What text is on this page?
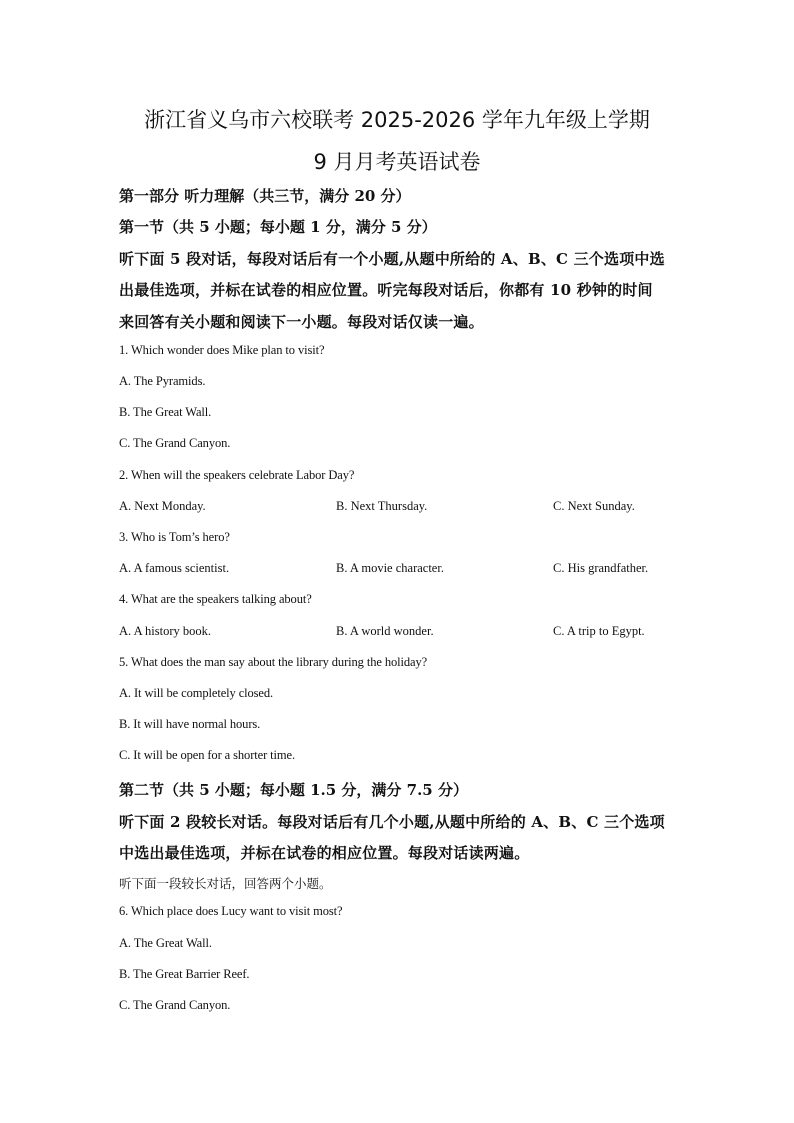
浙江省义乌市六校联考 2025-2026 学年九年级上学期
9 月月考英语试卷
第一部分 听力理解（共三节，满分 20 分）
第一节（共 5 小题；每小题 1 分，满分 5 分）
听下面 5 段对话，每段对话后有一个小题,从题中所给的 A、B、C 三个选项中选
出最佳选项，并标在试卷的相应位置。听完每段对话后，你都有 10 秒钟的时间
来回答有关小题和阅读下一小题。每段对话仅读一遍。
1. Which wonder does Mike plan to visit?
A. The Pyramids.
B. The Great Wall.
C. The Grand Canyon.
2. When will the speakers celebrate Labor Day?
A. Next Monday.	B. Next Thursday.	C. Next Sunday.
3. Who is Tom’s hero?
A. A famous scientist.	B. A movie character.	C. His grandfather.
4. What are the speakers talking about?
A. A history book.	B. A world wonder.	C. A trip to Egypt.
5. What does the man say about the library during the holiday?
A. It will be completely closed.
B. It will have normal hours.
C. It will be open for a shorter time.
第二节（共 5 小题；每小题 1.5 分，满分 7.5 分）
听下面 2 段较长对话。每段对话后有几个小题,从题中所给的 A、B、C 三个选项
中选出最佳选项，并标在试卷的相应位置。每段对话读两遍。
听下面一段较长对话，回答两个小题。
6. Which place does Lucy want to visit most?
A. The Great Wall.
B. The Great Barrier Reef.
C. The Grand Canyon.
